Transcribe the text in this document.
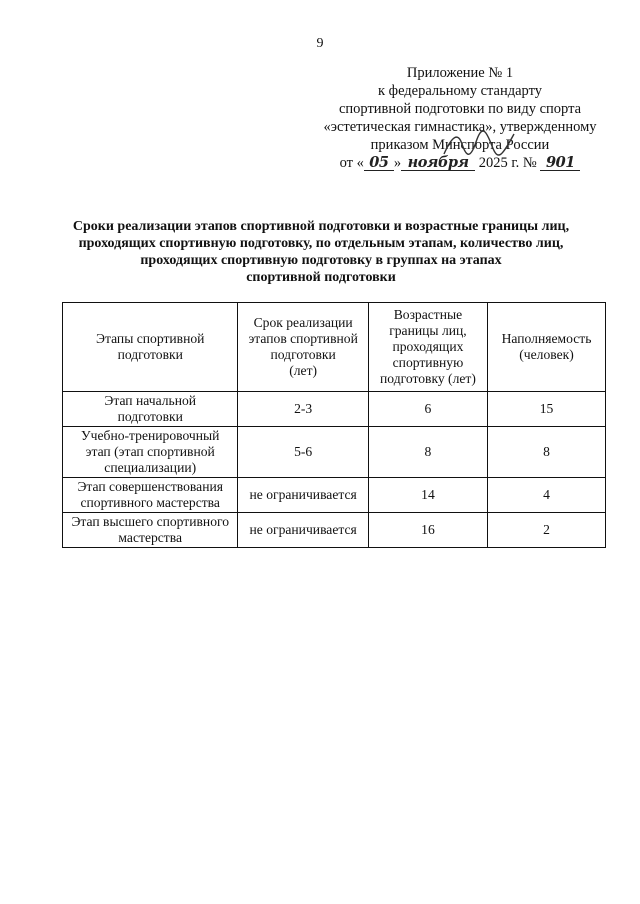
9
Приложение № 1
к федеральному стандарту
спортивной подготовки по виду спорта
«эстетическая гимнастика», утвержденному
приказом Минспорта России
от « 05 » ноября 2025 г. № 901
Сроки реализации этапов спортивной подготовки и возрастные границы лиц,
проходящих спортивную подготовку, по отдельным этапам, количество лиц,
проходящих спортивную подготовку в группах на этапах
спортивной подготовки
Этапы спортивной
подготовки	Срок реализации
этапов спортивной
подготовки
(лет)	Возрастные
границы лиц,
проходящих
спортивную
подготовку (лет)	Наполняемость
(человек)
Этап начальной
подготовки	2-3	6	15
Учебно-тренировочный
этап (этап спортивной
специализации)	5-6	8	8
Этап совершенствования
спортивного мастерства	не ограничивается	14	4
Этап высшего спортивного
мастерства	не ограничивается	16	2
